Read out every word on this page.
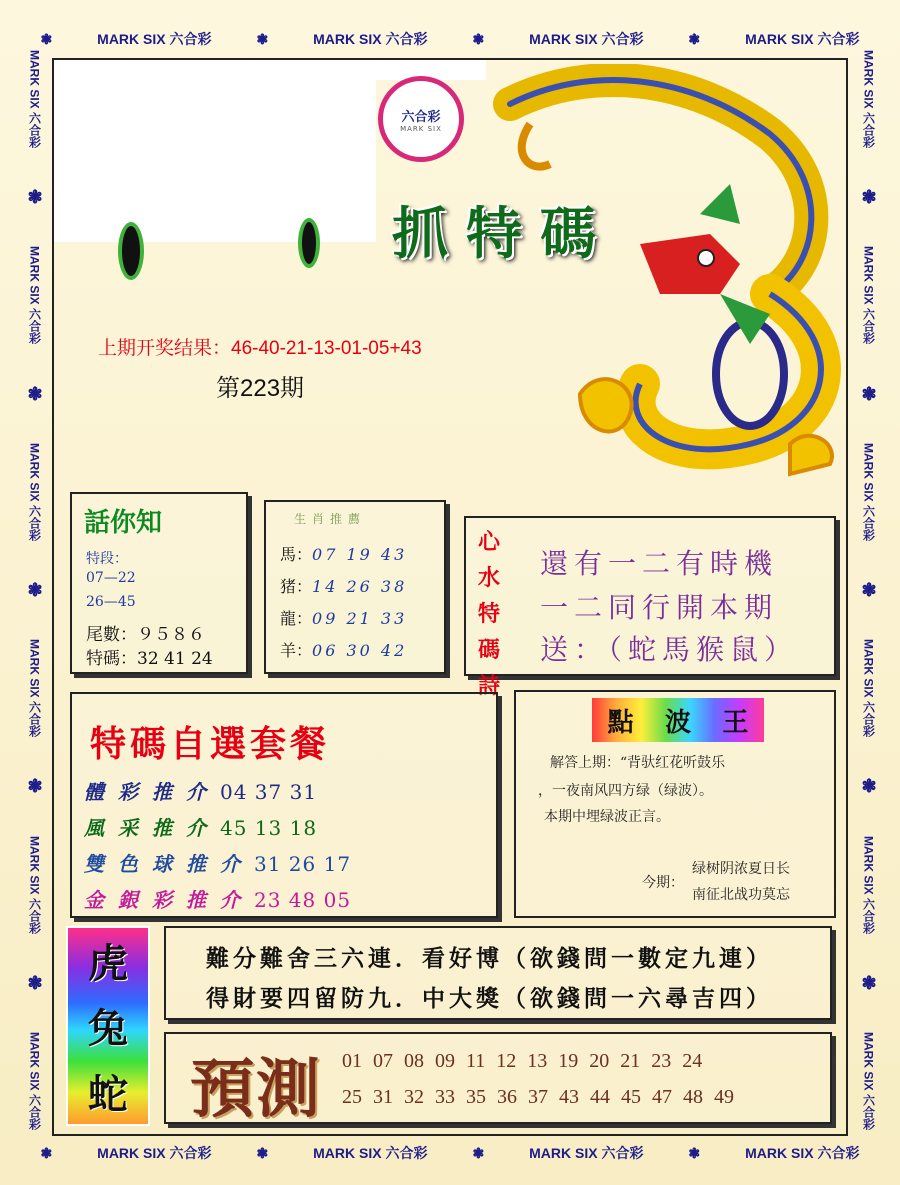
❃	MARK SIX 六合彩	❃	MARK SIX 六合彩	❃	MARK SIX 六合彩	❃	MARK SIX 六合彩
❃	MARK SIX 六合彩	❃	MARK SIX 六合彩	❃	MARK SIX 六合彩	❃	MARK SIX 六合彩
MARK SIX 六合彩
❃
MARK SIX 六合彩
❃
MARK SIX 六合彩
❃
MARK SIX 六合彩
❃
MARK SIX 六合彩
❃
MARK SIX 六合彩
MARK SIX 六合彩
❃
MARK SIX 六合彩
❃
MARK SIX 六合彩
❃
MARK SIX 六合彩
❃
MARK SIX 六合彩
❃
MARK SIX 六合彩
六合彩
MARK SIX
抓特碼
上期开奖结果：46-40-21-13-01-05+43
第223期
話你知
特段：
07—22
26—45
尾數：９５８６
特碼：32 41 24
生肖推薦
馬：07 19 43
猪：14 26 38
龍：09 21 33
羊：06 30 42
心水特碼詩
還有一二有時機
一二同行開本期
送：（蛇馬猴鼠）
特碼自選套餐
體彩推介04 37 31
風采推介45 13 18
雙色球推介31 26 17
金銀彩推介23 48 05
點 波 王
解答上期：“背驮红花听鼓乐
，一夜南风四方绿（绿波）。
本期中埋绿波正言。
今期：
绿树阴浓夏日长
南征北战功莫忘
虎
兔
蛇
難分難舍三六連．看好博（欲錢問一數定九連）
得財要四留防九．中大獎（欲錢問一六尋吉四）
預測 01 07 08 09 11 12 13 19 20 21 23 24
25 31 32 33 35 36 37 43 44 45 47 48 49
